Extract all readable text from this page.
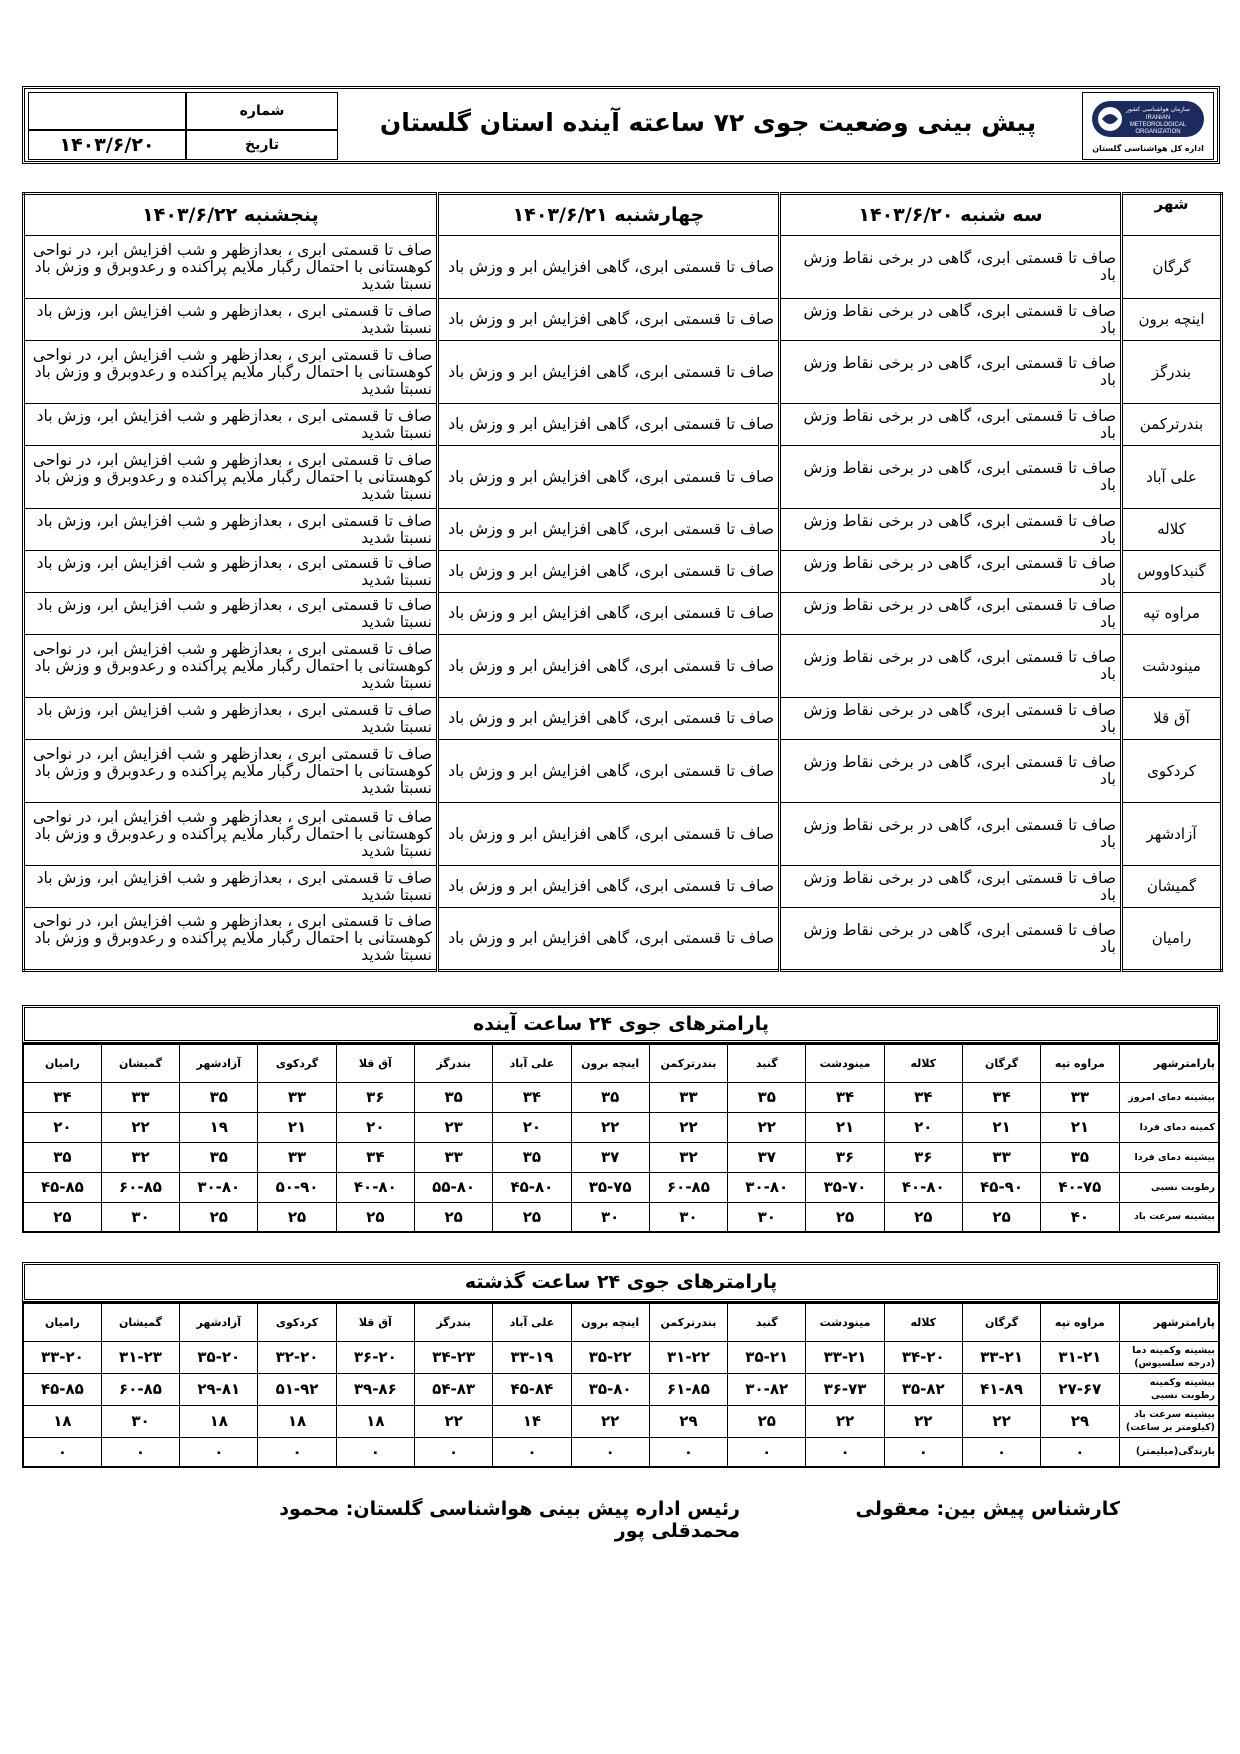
سازمان هواشناسی کشور
IRANIAN
METEOROLOGICAL
ORGANIZATION
اداره کل هواشناسی گلستان
پیش بینی وضعیت جوی ۷۲ ساعته آینده استان گلستان
شماره
۱۴۰۳/۶/۲۰	تاریخ
شهر	سه شنبه ۱۴۰۳/۶/۲۰	چهارشنبه ۱۴۰۳/۶/۲۱	پنجشنبه ۱۴۰۳/۶/۲۲
گرگان	صاف تا قسمتی ابری، گاهی در برخی نقاط وزش باد	صاف تا قسمتی ابری، گاهی افزایش ابر و وزش باد	صاف تا قسمتی ابری ، بعدازظهر و شب افزایش ابر، در نواحی کوهستانی با احتمال رگبار ملایم پراکنده و رعدوبرق و وزش باد نسبتا شدید
اینچه برون	صاف تا قسمتی ابری، گاهی در برخی نقاط وزش باد	صاف تا قسمتی ابری، گاهی افزایش ابر و وزش باد	صاف تا قسمتی ابری ، بعدازظهر و شب افزایش ابر، وزش باد نسبتا شدید
بندرگز	صاف تا قسمتی ابری، گاهی در برخی نقاط وزش باد	صاف تا قسمتی ابری، گاهی افزایش ابر و وزش باد	صاف تا قسمتی ابری ، بعدازظهر و شب افزایش ابر، در نواحی کوهستانی با احتمال رگبار ملایم پراکنده و رعدوبرق و وزش باد نسبتا شدید
بندرترکمن	صاف تا قسمتی ابری، گاهی در برخی نقاط وزش باد	صاف تا قسمتی ابری، گاهی افزایش ابر و وزش باد	صاف تا قسمتی ابری ، بعدازظهر و شب افزایش ابر، وزش باد نسبتا شدید
علی آباد	صاف تا قسمتی ابری، گاهی در برخی نقاط وزش باد	صاف تا قسمتی ابری، گاهی افزایش ابر و وزش باد	صاف تا قسمتی ابری ، بعدازظهر و شب افزایش ابر، در نواحی کوهستانی با احتمال رگبار ملایم پراکنده و رعدوبرق و وزش باد نسبتا شدید
کلاله	صاف تا قسمتی ابری، گاهی در برخی نقاط وزش باد	صاف تا قسمتی ابری، گاهی افزایش ابر و وزش باد	صاف تا قسمتی ابری ، بعدازظهر و شب افزایش ابر، وزش باد نسبتا شدید
گنبدکاووس	صاف تا قسمتی ابری، گاهی در برخی نقاط وزش باد	صاف تا قسمتی ابری، گاهی افزایش ابر و وزش باد	صاف تا قسمتی ابری ، بعدازظهر و شب افزایش ابر، وزش باد نسبتا شدید
مراوه تپه	صاف تا قسمتی ابری، گاهی در برخی نقاط وزش باد	صاف تا قسمتی ابری، گاهی افزایش ابر و وزش باد	صاف تا قسمتی ابری ، بعدازظهر و شب افزایش ابر، وزش باد نسبتا شدید
مینودشت	صاف تا قسمتی ابری، گاهی در برخی نقاط وزش باد	صاف تا قسمتی ابری، گاهی افزایش ابر و وزش باد	صاف تا قسمتی ابری ، بعدازظهر و شب افزایش ابر، در نواحی کوهستانی با احتمال رگبار ملایم پراکنده و رعدوبرق و وزش باد نسبتا شدید
آق قلا	صاف تا قسمتی ابری، گاهی در برخی نقاط وزش باد	صاف تا قسمتی ابری، گاهی افزایش ابر و وزش باد	صاف تا قسمتی ابری ، بعدازظهر و شب افزایش ابر، وزش باد نسبتا شدید
کردکوی	صاف تا قسمتی ابری، گاهی در برخی نقاط وزش باد	صاف تا قسمتی ابری، گاهی افزایش ابر و وزش باد	صاف تا قسمتی ابری ، بعدازظهر و شب افزایش ابر، در نواحی کوهستانی با احتمال رگبار ملایم پراکنده و رعدوبرق و وزش باد نسبتا شدید
آزادشهر	صاف تا قسمتی ابری، گاهی در برخی نقاط وزش باد	صاف تا قسمتی ابری، گاهی افزایش ابر و وزش باد	صاف تا قسمتی ابری ، بعدازظهر و شب افزایش ابر، در نواحی کوهستانی با احتمال رگبار ملایم پراکنده و رعدوبرق و وزش باد نسبتا شدید
گمیشان	صاف تا قسمتی ابری، گاهی در برخی نقاط وزش باد	صاف تا قسمتی ابری، گاهی افزایش ابر و وزش باد	صاف تا قسمتی ابری ، بعدازظهر و شب افزایش ابر، وزش باد نسبتا شدید
رامیان	صاف تا قسمتی ابری، گاهی در برخی نقاط وزش باد	صاف تا قسمتی ابری، گاهی افزایش ابر و وزش باد	صاف تا قسمتی ابری ، بعدازظهر و شب افزایش ابر، در نواحی کوهستانی با احتمال رگبار ملایم پراکنده و رعدوبرق و وزش باد نسبتا شدید
پارامترهای جوی ۲۴ ساعت آینده
پارامترشهر	مراوه تپه	گرگان	کلاله	مینودشت	گنبد	بندرترکمن	اینچه برون	علی آباد	بندرگز	آق قلا	گردکوی	آزادشهر	گمیشان	رامیان
بیشینه دمای امروز	۳۳	۳۴	۳۴	۳۴	۳۵	۳۳	۳۵	۳۴	۳۵	۳۶	۳۳	۳۵	۳۳	۳۴
کمینه دمای فردا	۲۱	۲۱	۲۰	۲۱	۲۲	۲۲	۲۲	۲۰	۲۳	۲۰	۲۱	۱۹	۲۲	۲۰
بیشینه دمای فردا	۳۵	۳۳	۳۶	۳۶	۳۷	۳۲	۳۷	۳۵	۳۳	۳۴	۳۳	۳۵	۳۲	۳۵
رطوبت نسبی	۴۰-۷۵	۴۵-۹۰	۴۰-۸۰	۳۵-۷۰	۳۰-۸۰	۶۰-۸۵	۳۵-۷۵	۴۵-۸۰	۵۵-۸۰	۴۰-۸۰	۵۰-۹۰	۳۰-۸۰	۶۰-۸۵	۴۵-۸۵
بیشینه سرعت باد	۴۰	۲۵	۲۵	۲۵	۳۰	۳۰	۳۰	۲۵	۲۵	۲۵	۲۵	۲۵	۳۰	۲۵
پارامترهای جوی ۲۴ ساعت گذشته
پارامترشهر	مراوه تپه	گرگان	کلاله	مینودشت	گنبد	بندرترکمن	اینچه برون	علی آباد	بندرگز	آق قلا	کردکوی	آزادشهر	گمیشان	رامیان
بیشینه وکمینه دما (درجه سلسیوس)	۳۱-۲۱	۳۳-۲۱	۳۴-۲۰	۳۳-۲۱	۳۵-۲۱	۳۱-۲۲	۳۵-۲۲	۳۳-۱۹	۳۴-۲۳	۳۶-۲۰	۳۲-۲۰	۳۵-۲۰	۳۱-۲۳	۳۳-۲۰
بیشینه وکمینه رطوبت نسبی	۲۷-۶۷	۴۱-۸۹	۳۵-۸۲	۳۶-۷۳	۳۰-۸۲	۶۱-۸۵	۳۵-۸۰	۴۵-۸۴	۵۴-۸۳	۳۹-۸۶	۵۱-۹۲	۲۹-۸۱	۶۰-۸۵	۴۵-۸۵
بیشینه سرعت باد (کیلومتر بر ساعت)	۲۹	۲۲	۲۲	۲۲	۲۵	۲۹	۲۲	۱۴	۲۲	۱۸	۱۸	۱۸	۳۰	۱۸
بارندگی(میلیمتر)	۰	۰	۰	۰	۰	۰	۰	۰	۰	۰	۰	۰	۰	۰
کارشناس پیش بین: معقولی
رئیس اداره پیش بینی هواشناسی گلستان: محمود محمدقلی پور
